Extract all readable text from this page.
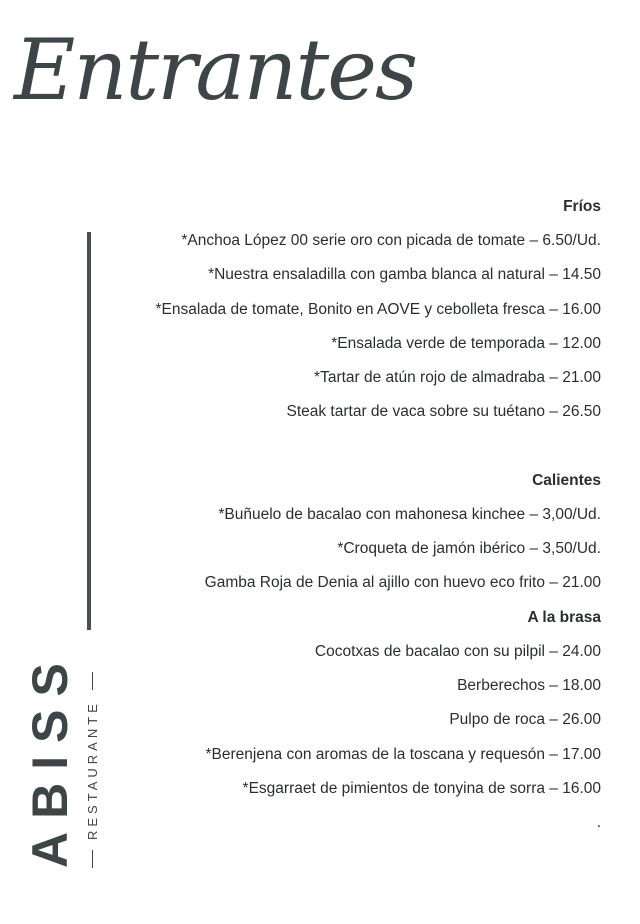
Entrantes
Fríos
*Anchoa López 00 serie oro con picada de tomate – 6.50/Ud.
*Nuestra ensaladilla con gamba blanca al natural – 14.50
*Ensalada de tomate, Bonito en AOVE y cebolleta fresca – 16.00
*Ensalada verde de temporada – 12.00
*Tartar de atún rojo de almadraba – 21.00
Steak tartar de vaca sobre su tuétano – 26.50
Calientes
*Buñuelo de bacalao con mahonesa kinchee – 3,00/Ud.
*Croqueta de jamón ibérico – 3,50/Ud.
Gamba Roja de Denia al ajillo con huevo eco frito – 21.00
A la brasa
Cocotxas de bacalao con su pilpil – 24.00
Berberechos – 18.00
Pulpo de roca – 26.00
*Berenjena con aromas de la toscana y requesón – 17.00
*Esgarraet de pimientos de tonyina de sorra – 16.00
.
ABISS RESTAURANTE
